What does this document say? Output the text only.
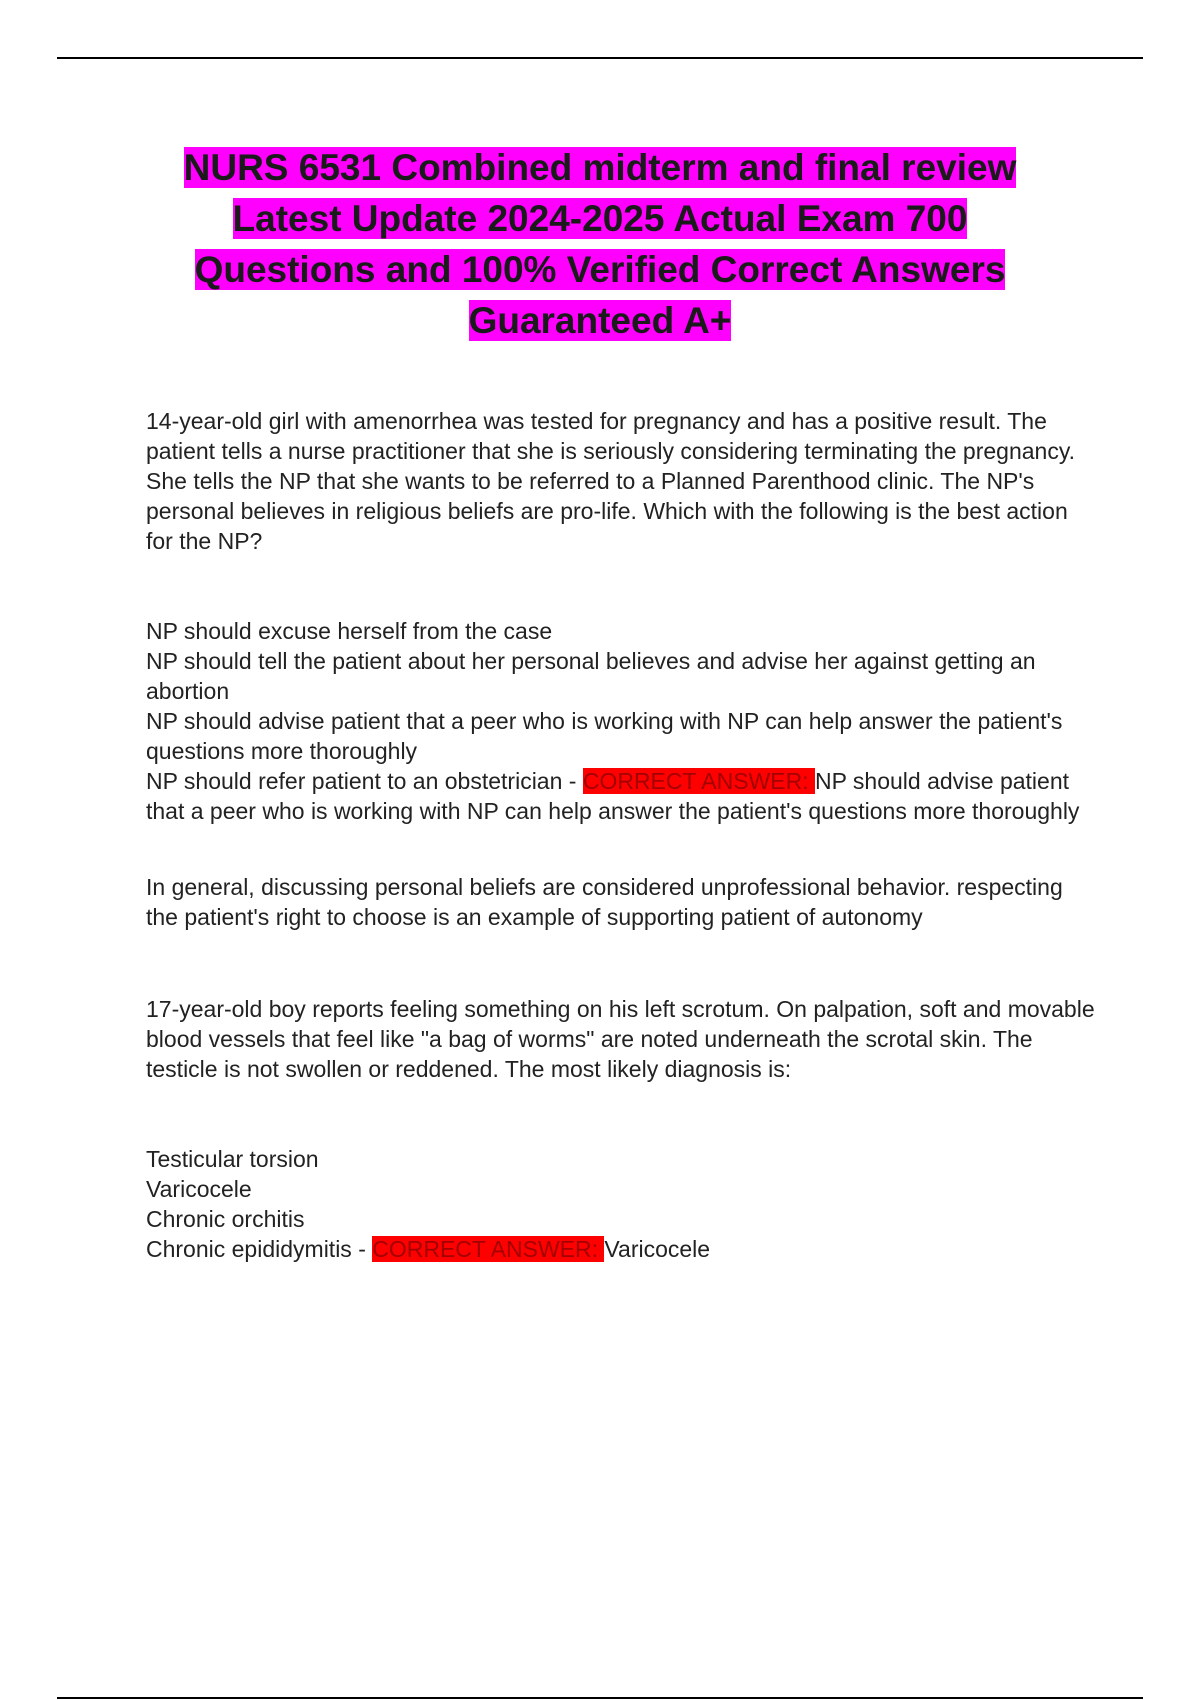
NURS 6531 Combined midterm and final review
Latest Update 2024-2025 Actual Exam 700
Questions and 100% Verified Correct Answers
Guaranteed A+

14-year-old girl with amenorrhea was tested for pregnancy and has a positive result. The patient tells a nurse practitioner that she is seriously considering terminating the pregnancy. She tells the NP that she wants to be referred to a Planned Parenthood clinic. The NP's personal believes in religious beliefs are pro-life. Which with the following is the best action for the NP?

NP should excuse herself from the case

NP should tell the patient about her personal believes and advise her against getting an abortion

NP should advise patient that a peer who is working with NP can help answer the patient's questions more thoroughly

NP should refer patient to an obstetrician - CORRECT ANSWER: NP should advise patient that a peer who is working with NP can help answer the patient's questions more thoroughly

In general, discussing personal beliefs are considered unprofessional behavior. respecting the patient's right to choose is an example of supporting patient of autonomy

17-year-old boy reports feeling something on his left scrotum. On palpation, soft and movable blood vessels that feel like "a bag of worms" are noted underneath the scrotal skin. The testicle is not swollen or reddened. The most likely diagnosis is:

Testicular torsion

Varicocele

Chronic orchitis

Chronic epididymitis - CORRECT ANSWER: Varicocele
